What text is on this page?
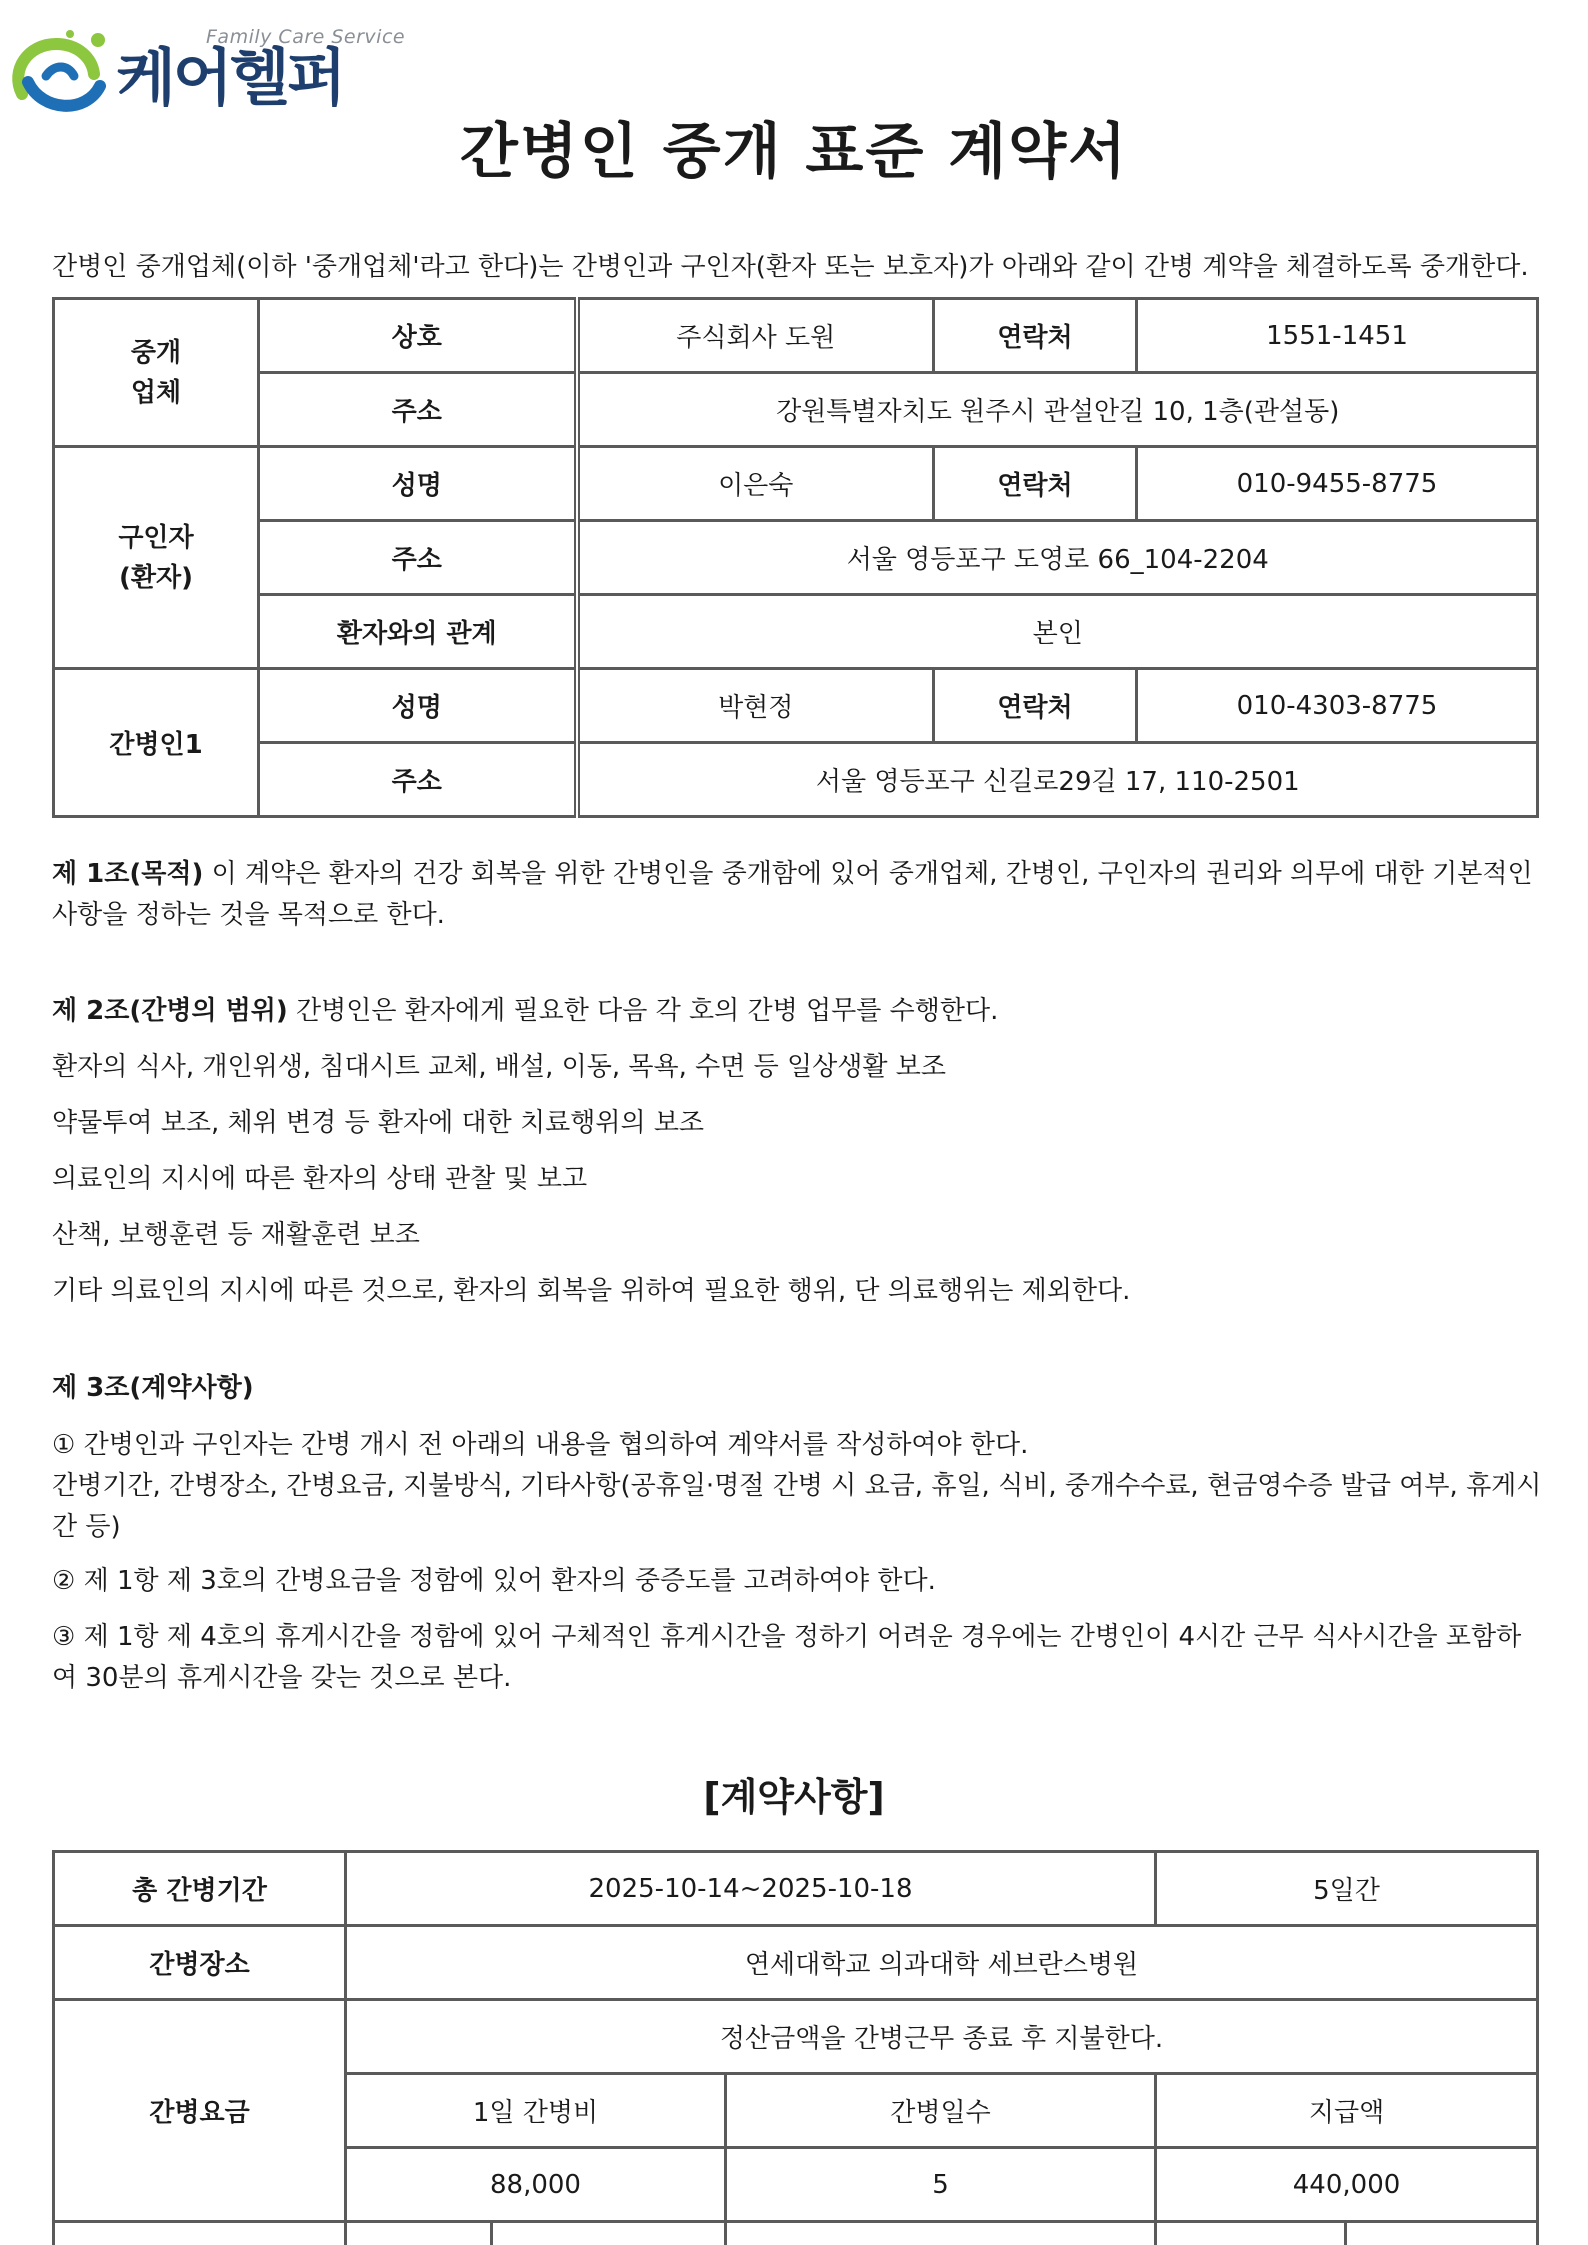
Family Care Service
케어헬퍼
간병인 중개 표준 계약서
간병인 중개업체(이하 '중개업체'라고 한다)는 간병인과 구인자(환자 또는 보호자)가 아래와 같이 간병 계약을 체결하도록 중개한다.
중개
업체	상호	주식회사 도원	연락처	1551-1451
	주소	강원특별자치도 원주시 관설안길 10, 1층(관설동)		
구인자
(환자)	성명	이은숙	연락처	010-9455-8775
	주소	서울 영등포구 도영로 66_104-2204		
	환자와의 관계	본인		
간병인1	성명	박현정	연락처	010-4303-8775
	주소	서울 영등포구 신길로29길 17, 110-2501		
제 1조(목적) 이 계약은 환자의 건강 회복을 위한 간병인을 중개함에 있어 중개업체, 간병인, 구인자의 권리와 의무에 대한 기본적인 사항을 정하는 것을 목적으로 한다.
제 2조(간병의 범위) 간병인은 환자에게 필요한 다음 각 호의 간병 업무를 수행한다.
환자의 식사, 개인위생, 침대시트 교체, 배설, 이동, 목욕, 수면 등 일상생활 보조
약물투여 보조, 체위 변경 등 환자에 대한 치료행위의 보조
의료인의 지시에 따른 환자의 상태 관찰 및 보고
산책, 보행훈련 등 재활훈련 보조
기타 의료인의 지시에 따른 것으로, 환자의 회복을 위하여 필요한 행위, 단 의료행위는 제외한다.
제 3조(계약사항)
① 간병인과 구인자는 간병 개시 전 아래의 내용을 협의하여 계약서를 작성하여야 한다.
간병기간, 간병장소, 간병요금, 지불방식, 기타사항(공휴일·명절 간병 시 요금, 휴일, 식비, 중개수수료, 현금영수증 발급 여부, 휴게시간 등)
② 제 1항 제 3호의 간병요금을 정함에 있어 환자의 중증도를 고려하여야 한다.
③ 제 1항 제 4호의 휴게시간을 정함에 있어 구체적인 휴게시간을 정하기 어려운 경우에는 간병인이 4시간 근무 식사시간을 포함하여 30분의 휴게시간을 갖는 것으로 본다.
[계약사항]
총 간병기간	2025-10-14~2025-10-18			5일간	
간병장소	연세대학교 의과대학 세브란스병원				
간병요금	정산금액을 간병근무 종료 후 지불한다.				
	1일 간병비		간병일수	지급액	
	88,000		5	440,000	
